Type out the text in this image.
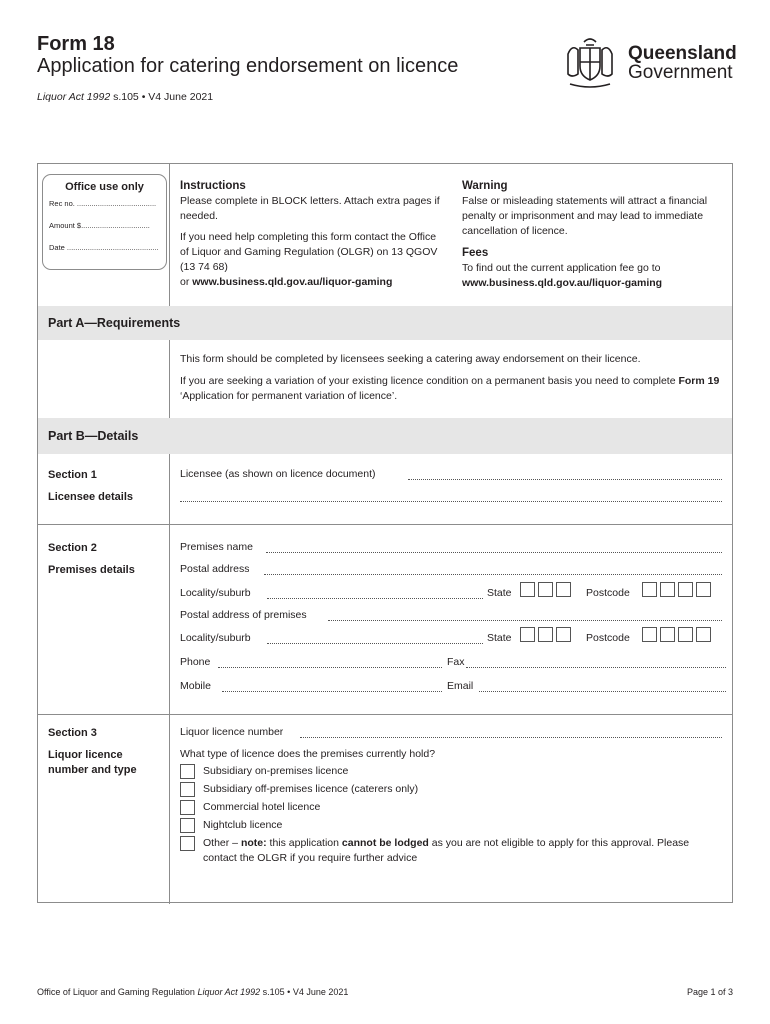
Form 18
Application for catering endorsement on licence
Liquor Act 1992 s.105 • V4 June 2021
Queensland
Government
Office use only
Rec no. ......................................
Amount $.................................
Date ............................................
Instructions
Please complete in BLOCK letters. Attach extra pages if needed.
If you need help completing this form contact the Office of Liquor and Gaming Regulation (OLGR) on 13 QGOV (13 74 68)
or www.business.qld.gov.au/liquor-gaming
Warning
False or misleading statements will attract a financial penalty or imprisonment and may lead to immediate cancellation of licence.
Fees
To find out the current application fee go to
www.business.qld.gov.au/liquor-gaming
Part A—Requirements
This form should be completed by licensees seeking a catering away endorsement on their licence.
If you are seeking a variation of your existing licence condition on a permanent basis you need to complete Form 19 ‘Application for permanent variation of licence’.
Part B—Details
Section 1
Licensee details
Licensee (as shown on licence document)
Section 2
Premises details
Premises name
Postal address
Locality/suburb	State	Postcode
Postal address of premises
Locality/suburb	State	Postcode
Phone	Fax
Mobile	Email
Section 3
Liquor licence number and type
Liquor licence number
What type of licence does the premises currently hold?
Subsidiary on-premises licence
Subsidiary off-premises licence (caterers only)
Commercial hotel licence
Nightclub licence
Other – note: this application cannot be lodged as you are not eligible to apply for this approval. Please contact the OLGR if you require further advice
Office of Liquor and Gaming Regulation Liquor Act 1992 s.105 • V4 June 2021	Page 1 of 3
